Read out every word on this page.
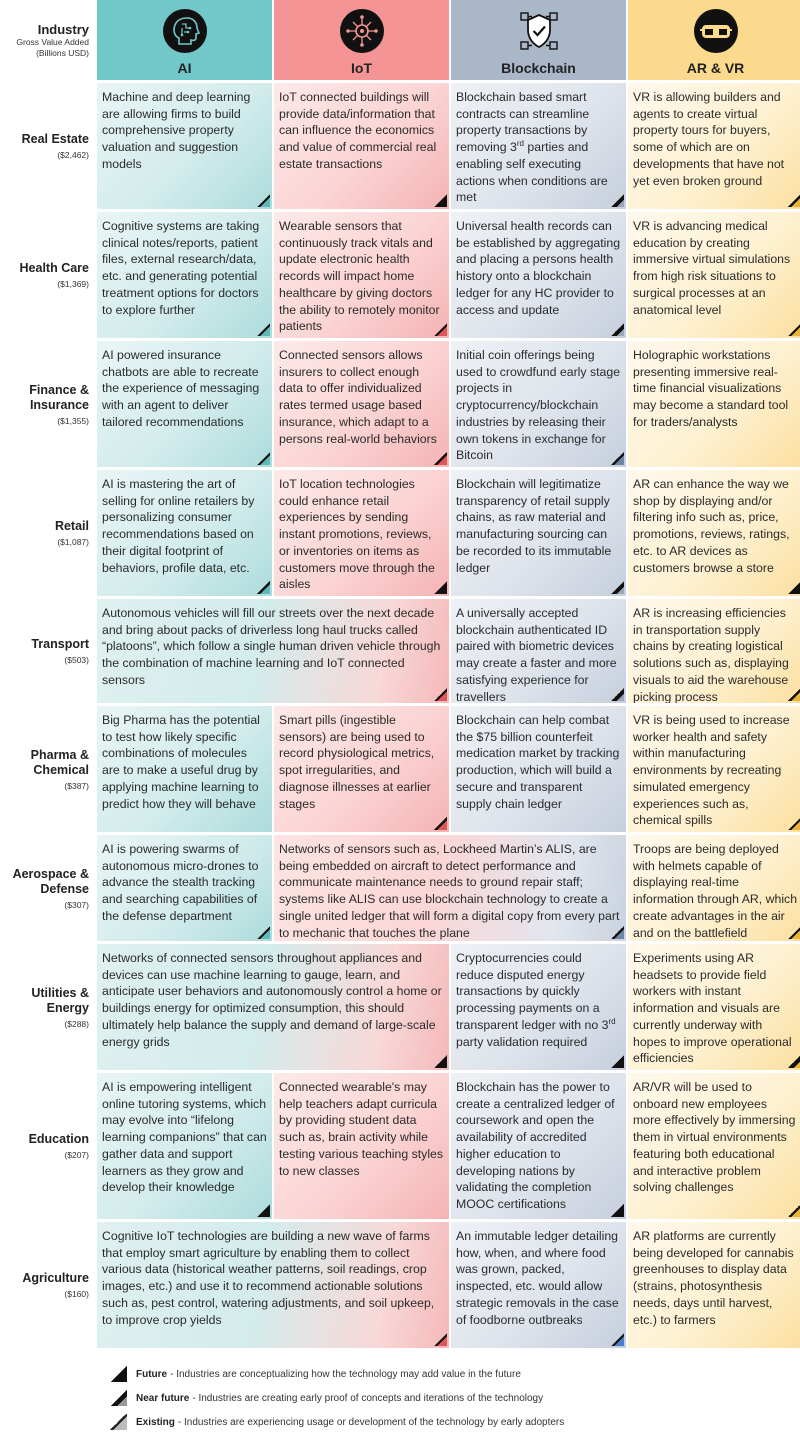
Industry
Gross Value Added
(Billions USD)
AI	IoT	Blockchain	AR & VR
Real Estate
($2,462)
Machine and deep learning are allowing firms to build comprehensive property valuation and suggestion models
IoT connected buildings will provide data/information that can influence the economics and value of commercial real estate transactions
Blockchain based smart contracts can streamline property transactions by removing 3rd parties and enabling self executing actions when conditions are met
VR is allowing builders and agents to create virtual property tours for buyers, some of which are on developments that have not yet even broken ground
Health Care
($1,369)
Cognitive systems are taking clinical notes/reports, patient files, external research/data, etc. and generating potential treatment options for doctors to explore further
Wearable sensors that continuously track vitals and update electronic health records will impact home healthcare by giving doctors the ability to remotely monitor patients
Universal health records can be established by aggregating and placing a persons health history onto a blockchain ledger for any HC provider to access and update
VR is advancing medical education by creating immersive virtual simulations from high risk situations to surgical processes at an anatomical level
Finance & Insurance
($1,355)
AI powered insurance chatbots are able to recreate the experience of messaging with an agent to deliver tailored recommendations
Connected sensors allows insurers to collect enough data to offer individualized rates termed usage based insurance, which adapt to a persons real-world behaviors
Initial coin offerings being used to crowdfund early stage projects in cryptocurrency/blockchain industries by releasing their own tokens in exchange for Bitcoin
Holographic workstations presenting immersive real-time financial visualizations may become a standard tool for traders/analysts
Retail
($1,087)
AI is mastering the art of selling for online retailers by personalizing consumer recommendations based on their digital footprint of behaviors, profile data, etc.
IoT location technologies could enhance retail experiences by sending instant promotions, reviews, or inventories on items as customers move through the aisles
Blockchain will legitimatize transparency of retail supply chains, as raw material and manufacturing sourcing can be recorded to its immutable ledger
AR can enhance the way we shop by displaying and/or filtering info such as, price, promotions, reviews, ratings, etc. to AR devices as customers browse a store
Transport
($503)
Autonomous vehicles will fill our streets over the next decade and bring about packs of driverless long haul trucks called “platoons”, which follow a single human driven vehicle through the combination of machine learning and IoT connected sensors
A universally accepted blockchain authenticated ID paired with biometric devices may create a faster and more satisfying experience for travellers
AR is increasing efficiencies in transportation supply chains by creating logistical solutions such as, displaying visuals to aid the warehouse picking process
Pharma & Chemical
($387)
Big Pharma has the potential to test how likely specific combinations of molecules are to make a useful drug by applying machine learning to predict how they will behave
Smart pills (ingestible sensors) are being used to record physiological metrics, spot irregularities, and diagnose illnesses at earlier stages
Blockchain can help combat the $75 billion counterfeit medication market by tracking production, which will build a secure and transparent supply chain ledger
VR is being used to increase worker health and safety within manufacturing environments by recreating simulated emergency experiences such as, chemical spills
Aerospace & Defense
($307)
AI is powering swarms of autonomous micro-drones to advance the stealth tracking and searching capabilities of the defense department
Networks of sensors such as, Lockheed Martin’s ALIS, are being embedded on aircraft to detect performance and communicate maintenance needs to ground repair staff; systems like ALIS can use blockchain technology to create a single united ledger that will form a digital copy from every part to mechanic that touches the plane
Troops are being deployed with helmets capable of displaying real-time information through AR, which create advantages in the air and on the battlefield
Utilities & Energy
($288)
Networks of connected sensors throughout appliances and devices can use machine learning to gauge, learn, and anticipate user behaviors and autonomously control a home or buildings energy for optimized consumption, this should ultimately help balance the supply and demand of large-scale energy grids
Cryptocurrencies could reduce disputed energy transactions by quickly processing payments on a transparent ledger with no 3rd party validation required
Experiments using AR headsets to provide field workers with instant information and visuals are currently underway with hopes to improve operational efficiencies
Education
($207)
AI is empowering intelligent online tutoring systems, which may evolve into “lifelong learning companions” that can gather data and support learners as they grow and develop their knowledge
Connected wearable's may help teachers adapt curricula by providing student data such as, brain activity while testing various teaching styles to new classes
Blockchain has the power to create a centralized ledger of coursework and open the availability of accredited higher education to developing nations by validating the completion MOOC certifications
AR/VR will be used to onboard new employees more effectively by immersing them in virtual environments featuring both educational and interactive problem solving challenges
Agriculture
($160)
Cognitive IoT technologies are building a new wave of farms that employ smart agriculture by enabling them to collect various data (historical weather patterns, soil readings, crop images, etc.) and use it to recommend actionable solutions such as, pest control, watering adjustments, and soil upkeep, to improve crop yields
An immutable ledger detailing how, when, and where food was grown, packed, inspected, etc. would allow strategic removals in the case of foodborne outbreaks
AR platforms are currently being developed for cannabis greenhouses to display data (strains, photosynthesis needs, days until harvest, etc.) to farmers
Future - Industries are conceptualizing how the technology may add value in the future
Near future - Industries are creating early proof of concepts and iterations of the technology
Existing - Industries are experiencing usage or development of the technology by early adopters
